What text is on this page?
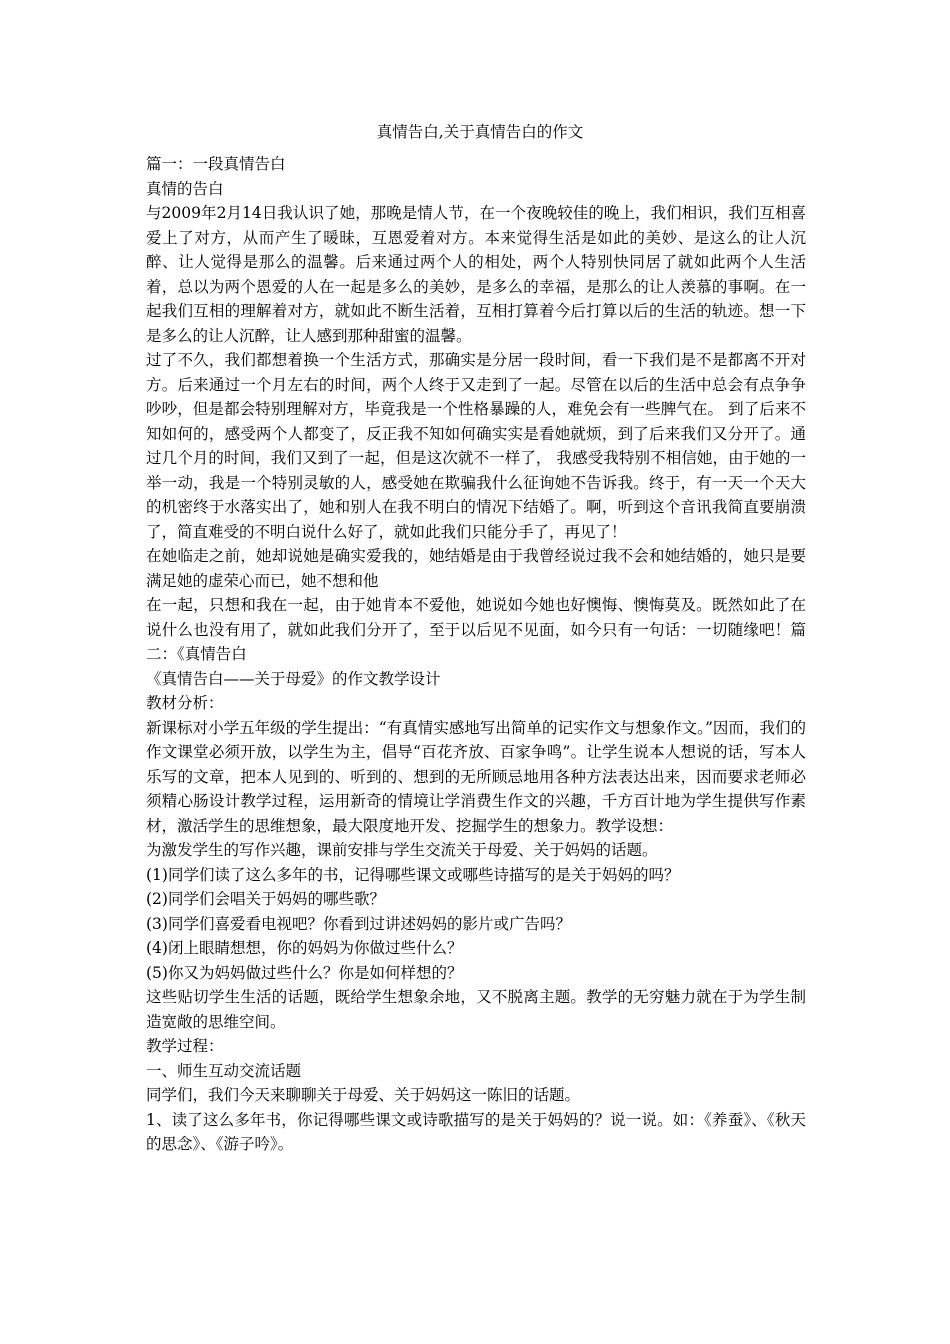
真情告白,关于真情告白的作文

篇一：一段真情告白

真情的告白

与2009年2月14日我认识了她，那晚是情人节，在一个夜晚较佳的晚上，我们相识，我们互相喜爱上了对方，从而产生了暖昧，互恩爱着对方。本来觉得生活是如此的美妙、是这么的让人沉醉、让人觉得是那么的温馨。后来通过两个人的相处，两个人特别快同居了就如此两个人生活着，总以为两个恩爱的人在一起是多么的美妙，是多么的幸福，是那么的让人羡慕的事啊。在一起我们互相的理解着对方，就如此不断生活着，互相打算着今后打算以后的生活的轨迹。想一下是多么的让人沉醉，让人感到那种甜蜜的温馨。

过了不久，我们都想着换一个生活方式，那确实是分居一段时间，看一下我们是不是都离不开对方。后来通过一个月左右的时间，两个人终于又走到了一起。尽管在以后的生活中总会有点争争吵吵，但是都会特别理解对方，毕竟我是一个性格暴躁的人，难免会有一些脾气在。 到了后来不知如何的，感受两个人都变了，反正我不知如何确实实是看她就烦，到了后来我们又分开了。通过几个月的时间，我们又到了一起，但是这次就不一样了， 我感受我特别不相信她，由于她的一举一动，我是一个特别灵敏的人，感受她在欺骗我什么征询她不告诉我。终于，有一天一个天大的机密终于水落实出了，她和别人在我不明白的情况下结婚了。啊，听到这个音讯我简直要崩溃了，简直难受的不明白说什么好了，就如此我们只能分手了，再见了！

在她临走之前，她却说她是确实爱我的，她结婚是由于我曾经说过我不会和她结婚的，她只是要满足她的虚荣心而已，她不想和他

在一起，只想和我在一起，由于她肯本不爱他，她说如今她也好懊悔、懊悔莫及。既然如此了在说什么也没有用了，就如此我们分开了，至于以后见不见面，如今只有一句话：一切随缘吧！篇二：《真情告白

《真情告白——关于母爱》的作文教学设计

教材分析：

新课标对小学五年级的学生提出：“有真情实感地写出简单的记实作文与想象作文。”因而，我们的作文课堂必须开放，以学生为主，倡导“百花齐放、百家争鸣”。让学生说本人想说的话，写本人乐写的文章，把本人见到的、听到的、想到的无所顾忌地用各种方法表达出来，因而要求老师必须精心肠设计教学过程，运用新奇的情境让学消费生作文的兴趣，千方百计地为学生提供写作素材，激活学生的思维想象，最大限度地开发、挖掘学生的想象力。教学设想：

为激发学生的写作兴趣，课前安排与学生交流关于母爱、关于妈妈的话题。

(1)同学们读了这么多年的书，记得哪些课文或哪些诗描写的是关于妈妈的吗？

(2)同学们会唱关于妈妈的哪些歌？

(3)同学们喜爱看电视吧？你看到过讲述妈妈的影片或广告吗？

(4)闭上眼睛想想，你的妈妈为你做过些什么？

(5)你又为妈妈做过些什么？你是如何样想的？

这些贴切学生生活的话题，既给学生想象余地，又不脱离主题。教学的无穷魅力就在于为学生制造宽敞的思维空间。

教学过程：

一、师生互动交流话题

同学们，我们今天来聊聊关于母爱、关于妈妈这一陈旧的话题。

1、读了这么多年书，你记得哪些课文或诗歌描写的是关于妈妈的？说一说。如：《养蚕》、《秋天的思念》、《游子吟》。
